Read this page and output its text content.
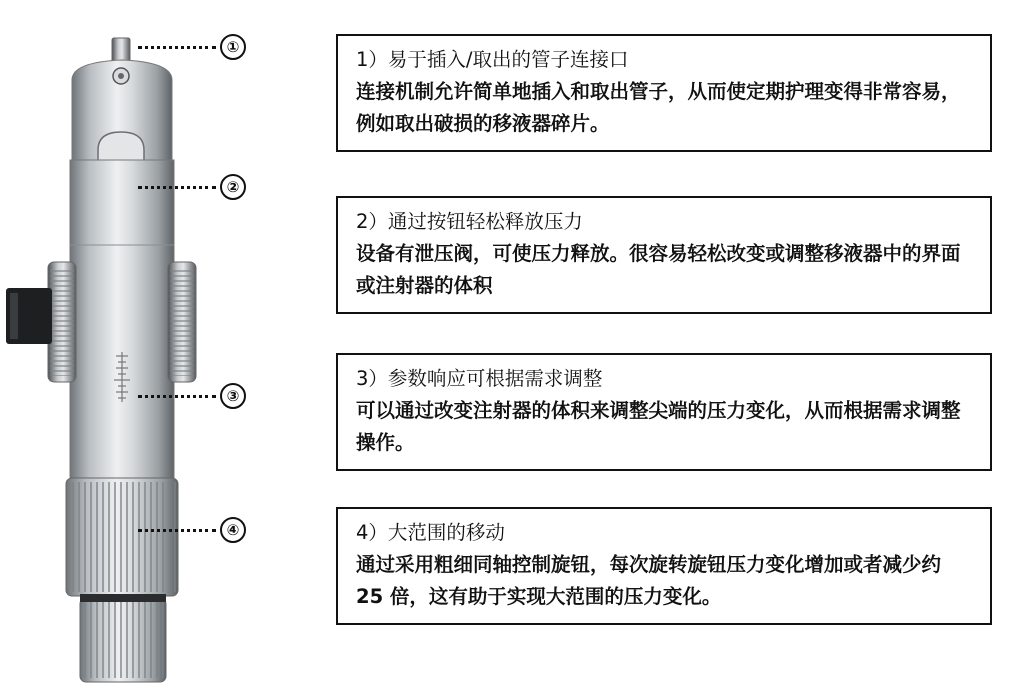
①
②
③
④
1）易于插入/取出的管子连接口
连接机制允许简单地插入和取出管子，从而使定期护理变得非常容易，例如取出破损的移液器碎片。
2）通过按钮轻松释放压力
设备有泄压阀，可使压力释放。很容易轻松改变或调整移液器中的界面或注射器的体积
3）参数响应可根据需求调整
可以通过改变注射器的体积来调整尖端的压力变化，从而根据需求调整操作。
4）大范围的移动
通过采用粗细同轴控制旋钮，每次旋转旋钮压力变化增加或者减少约 25 倍，这有助于实现大范围的压力变化。
